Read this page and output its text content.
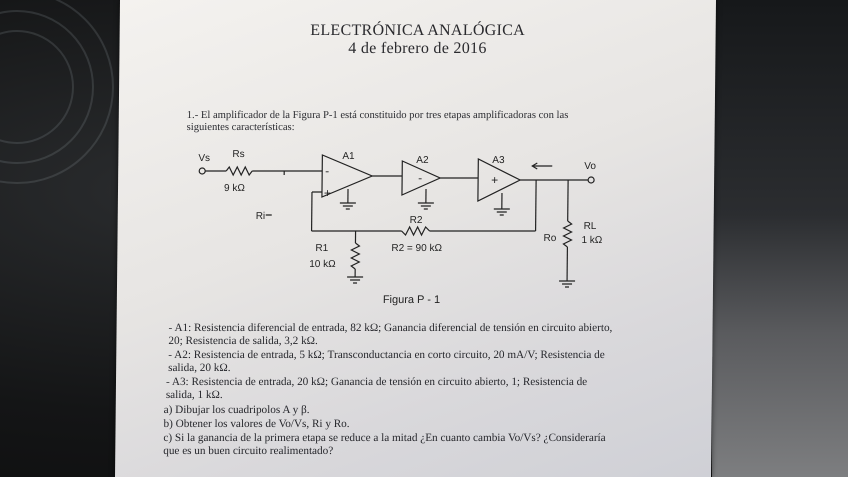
ELECTRÓNICA ANALÓGICA
4 de febrero de 2016
1.- El amplificador de la Figura P-1 está constituido por tres etapas amplificadoras con las
siguientes características:
-
+
-	+
Vs Rs
9 kΩ
Ri
A1	A2	A3
R2
R2 = 90 kΩ
R1
10 kΩ
Ro
Vo
RL
1 kΩ
Figura P - 1
- A1: Resistencia diferencial de entrada, 82 kΩ; Ganancia diferencial de tensión en circuito abierto,
20; Resistencia de salida, 3,2 kΩ.
- A2: Resistencia de entrada, 5 kΩ; Transconductancia en corto circuito, 20 mA/V; Resistencia de
salida, 20 kΩ.
- A3: Resistencia de entrada, 20 kΩ; Ganancia de tensión en circuito abierto, 1; Resistencia de
salida, 1 kΩ.
a) Dibujar los cuadripolos A y β.
b) Obtener los valores de Vo/Vs, Ri y Ro.
c) Si la ganancia de la primera etapa se reduce a la mitad ¿En cuanto cambia Vo/Vs? ¿Consideraría
que es un buen circuito realimentado?
